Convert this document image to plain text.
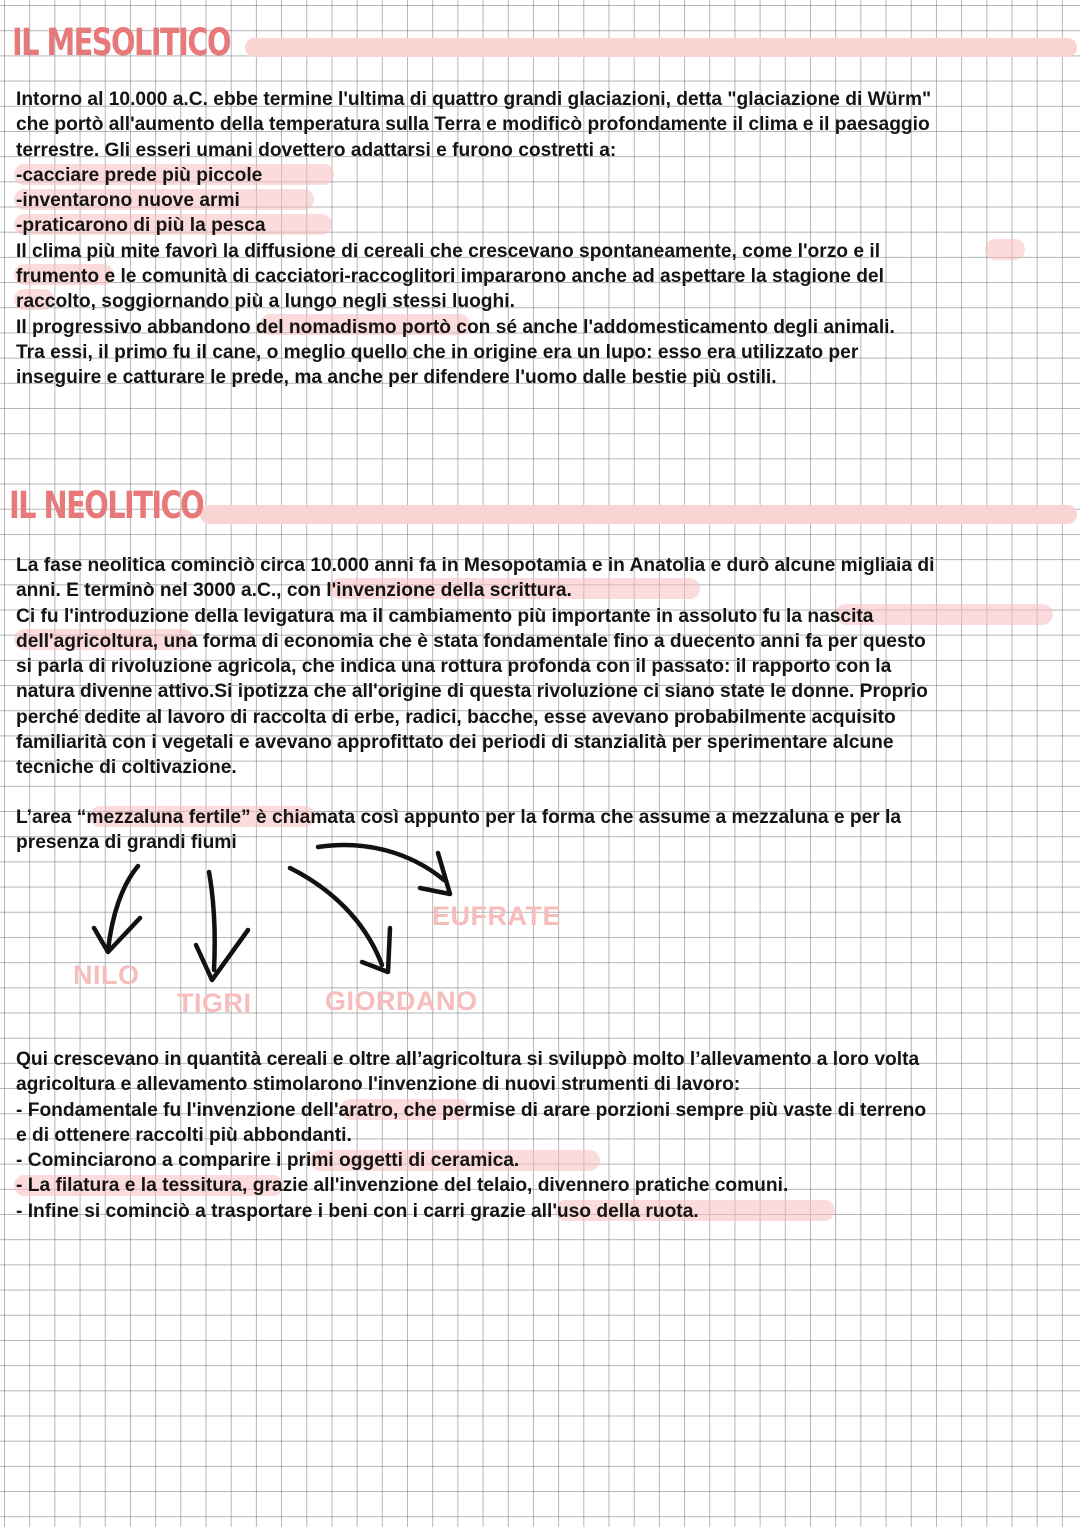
IL MESOLITICO

Intorno al 10.000 a.C. ebbe termine l'ultima di quattro grandi glaciazioni, detta "glaciazione di Würm"
che portò all'aumento della temperatura sulla Terra e modificò profondamente il clima e il paesaggio
terrestre. Gli esseri umani dovettero adattarsi e furono costretti a:
-cacciare prede più piccole
-inventarono nuove armi
-praticarono di più la pesca
Il clima più mite favorì la diffusione di cereali che crescevano spontaneamente, come l'orzo e il
frumento e le comunità di cacciatori-raccoglitori impararono anche ad aspettare la stagione del
raccolto, soggiornando più a lungo negli stessi luoghi.
Il progressivo abbandono del nomadismo portò con sé anche l'addomesticamento degli animali.
Tra essi, il primo fu il cane, o meglio quello che in origine era un lupo: esso era utilizzato per
inseguire e catturare le prede, ma anche per difendere l'uomo dalle bestie più ostili.

IL NEOLITICO

La fase neolitica cominciò circa 10.000 anni fa in Mesopotamia e in Anatolia e durò alcune migliaia di
anni. E terminò nel 3000 a.C., con l'invenzione della scrittura.
Ci fu l'introduzione della levigatura ma il cambiamento più importante in assoluto fu la nascita
dell'agricoltura, una forma di economia che è stata fondamentale fino a duecento anni fa per questo
si parla di rivoluzione agricola, che indica una rottura profonda con il passato: il rapporto con la
natura divenne attivo.Si ipotizza che all'origine di questa rivoluzione ci siano state le donne. Proprio
perché dedite al lavoro di raccolta di erbe, radici, bacche, esse avevano probabilmente acquisito
familiarità con i vegetali e avevano approfittato dei periodi di stanzialità per sperimentare alcune
tecniche di coltivazione.

L’area “mezzaluna fertile” è chiamata così appunto per la forma che assume a mezzaluna e per la
presenza di grandi fiumi

NILO
TIGRI	GIORDANO
EUFRATE

Qui crescevano in quantità cereali e oltre all’agricoltura si sviluppò molto l’allevamento a loro volta
agricoltura e allevamento stimolarono l'invenzione di nuovi strumenti di lavoro:
- Fondamentale fu l'invenzione dell'aratro, che permise di arare porzioni sempre più vaste di terreno
e di ottenere raccolti più abbondanti.
- Cominciarono a comparire i primi oggetti di ceramica.
- La filatura e la tessitura, grazie all'invenzione del telaio, divennero pratiche comuni.
- Infine si cominciò a trasportare i beni con i carri grazie all'uso della ruota.
